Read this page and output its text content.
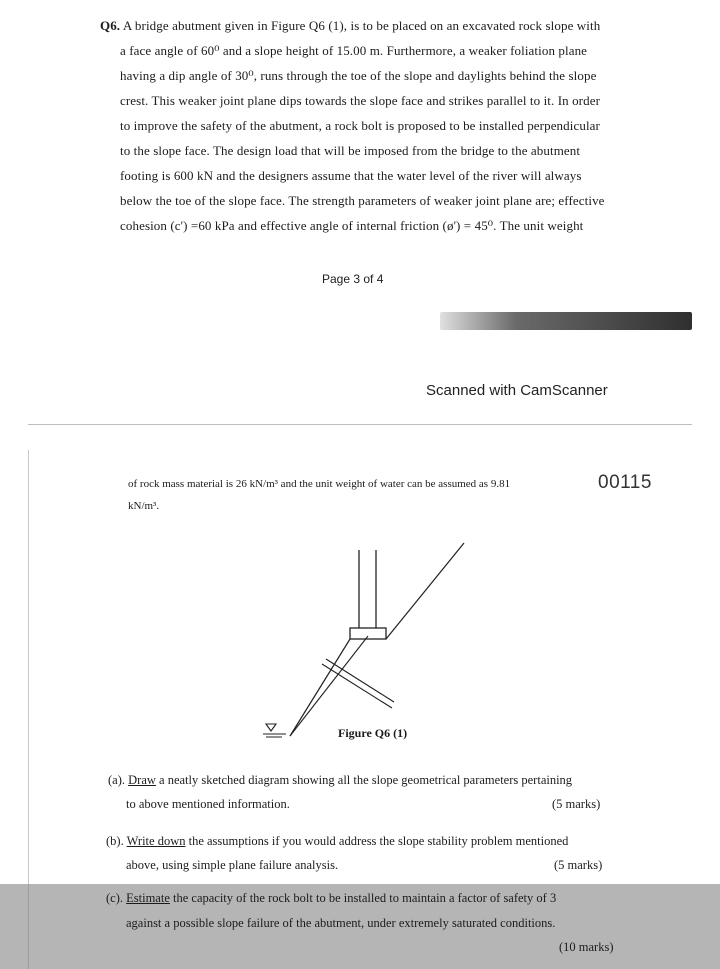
Q6. A bridge abutment given in Figure Q6 (1), is to be placed on an excavated rock slope with
a face angle of 60⁰ and a slope height of 15.00 m. Furthermore, a weaker foliation plane
having a dip angle of 30⁰, runs through the toe of the slope and daylights behind the slope
crest. This weaker joint plane dips towards the slope face and strikes parallel to it. In order
to improve the safety of the abutment, a rock bolt is proposed to be installed perpendicular
to the slope face. The design load that will be imposed from the bridge to the abutment
footing is 600 kN and the designers assume that the water level of the river will always
below the toe of the slope face. The strength parameters of weaker joint plane are; effective
cohesion (c') =60 kPa and effective angle of internal friction (ø') = 45⁰. The unit weight
Page 3 of 4
Scanned with CamScanner
of rock mass material is 26 kN/m³ and the unit weight of water can be assumed as 9.81
kN/m³.
00115
Figure Q6 (1)
(a). Draw a neatly sketched diagram showing all the slope geometrical parameters pertaining
to above mentioned information.	(5 marks)
(b). Write down the assumptions if you would address the slope stability problem mentioned
above, using simple plane failure analysis.	(5 marks)
(c). Estimate the capacity of the rock bolt to be installed to maintain a factor of safety of 3
against a possible slope failure of the abutment, under extremely saturated conditions.
(10 marks)
